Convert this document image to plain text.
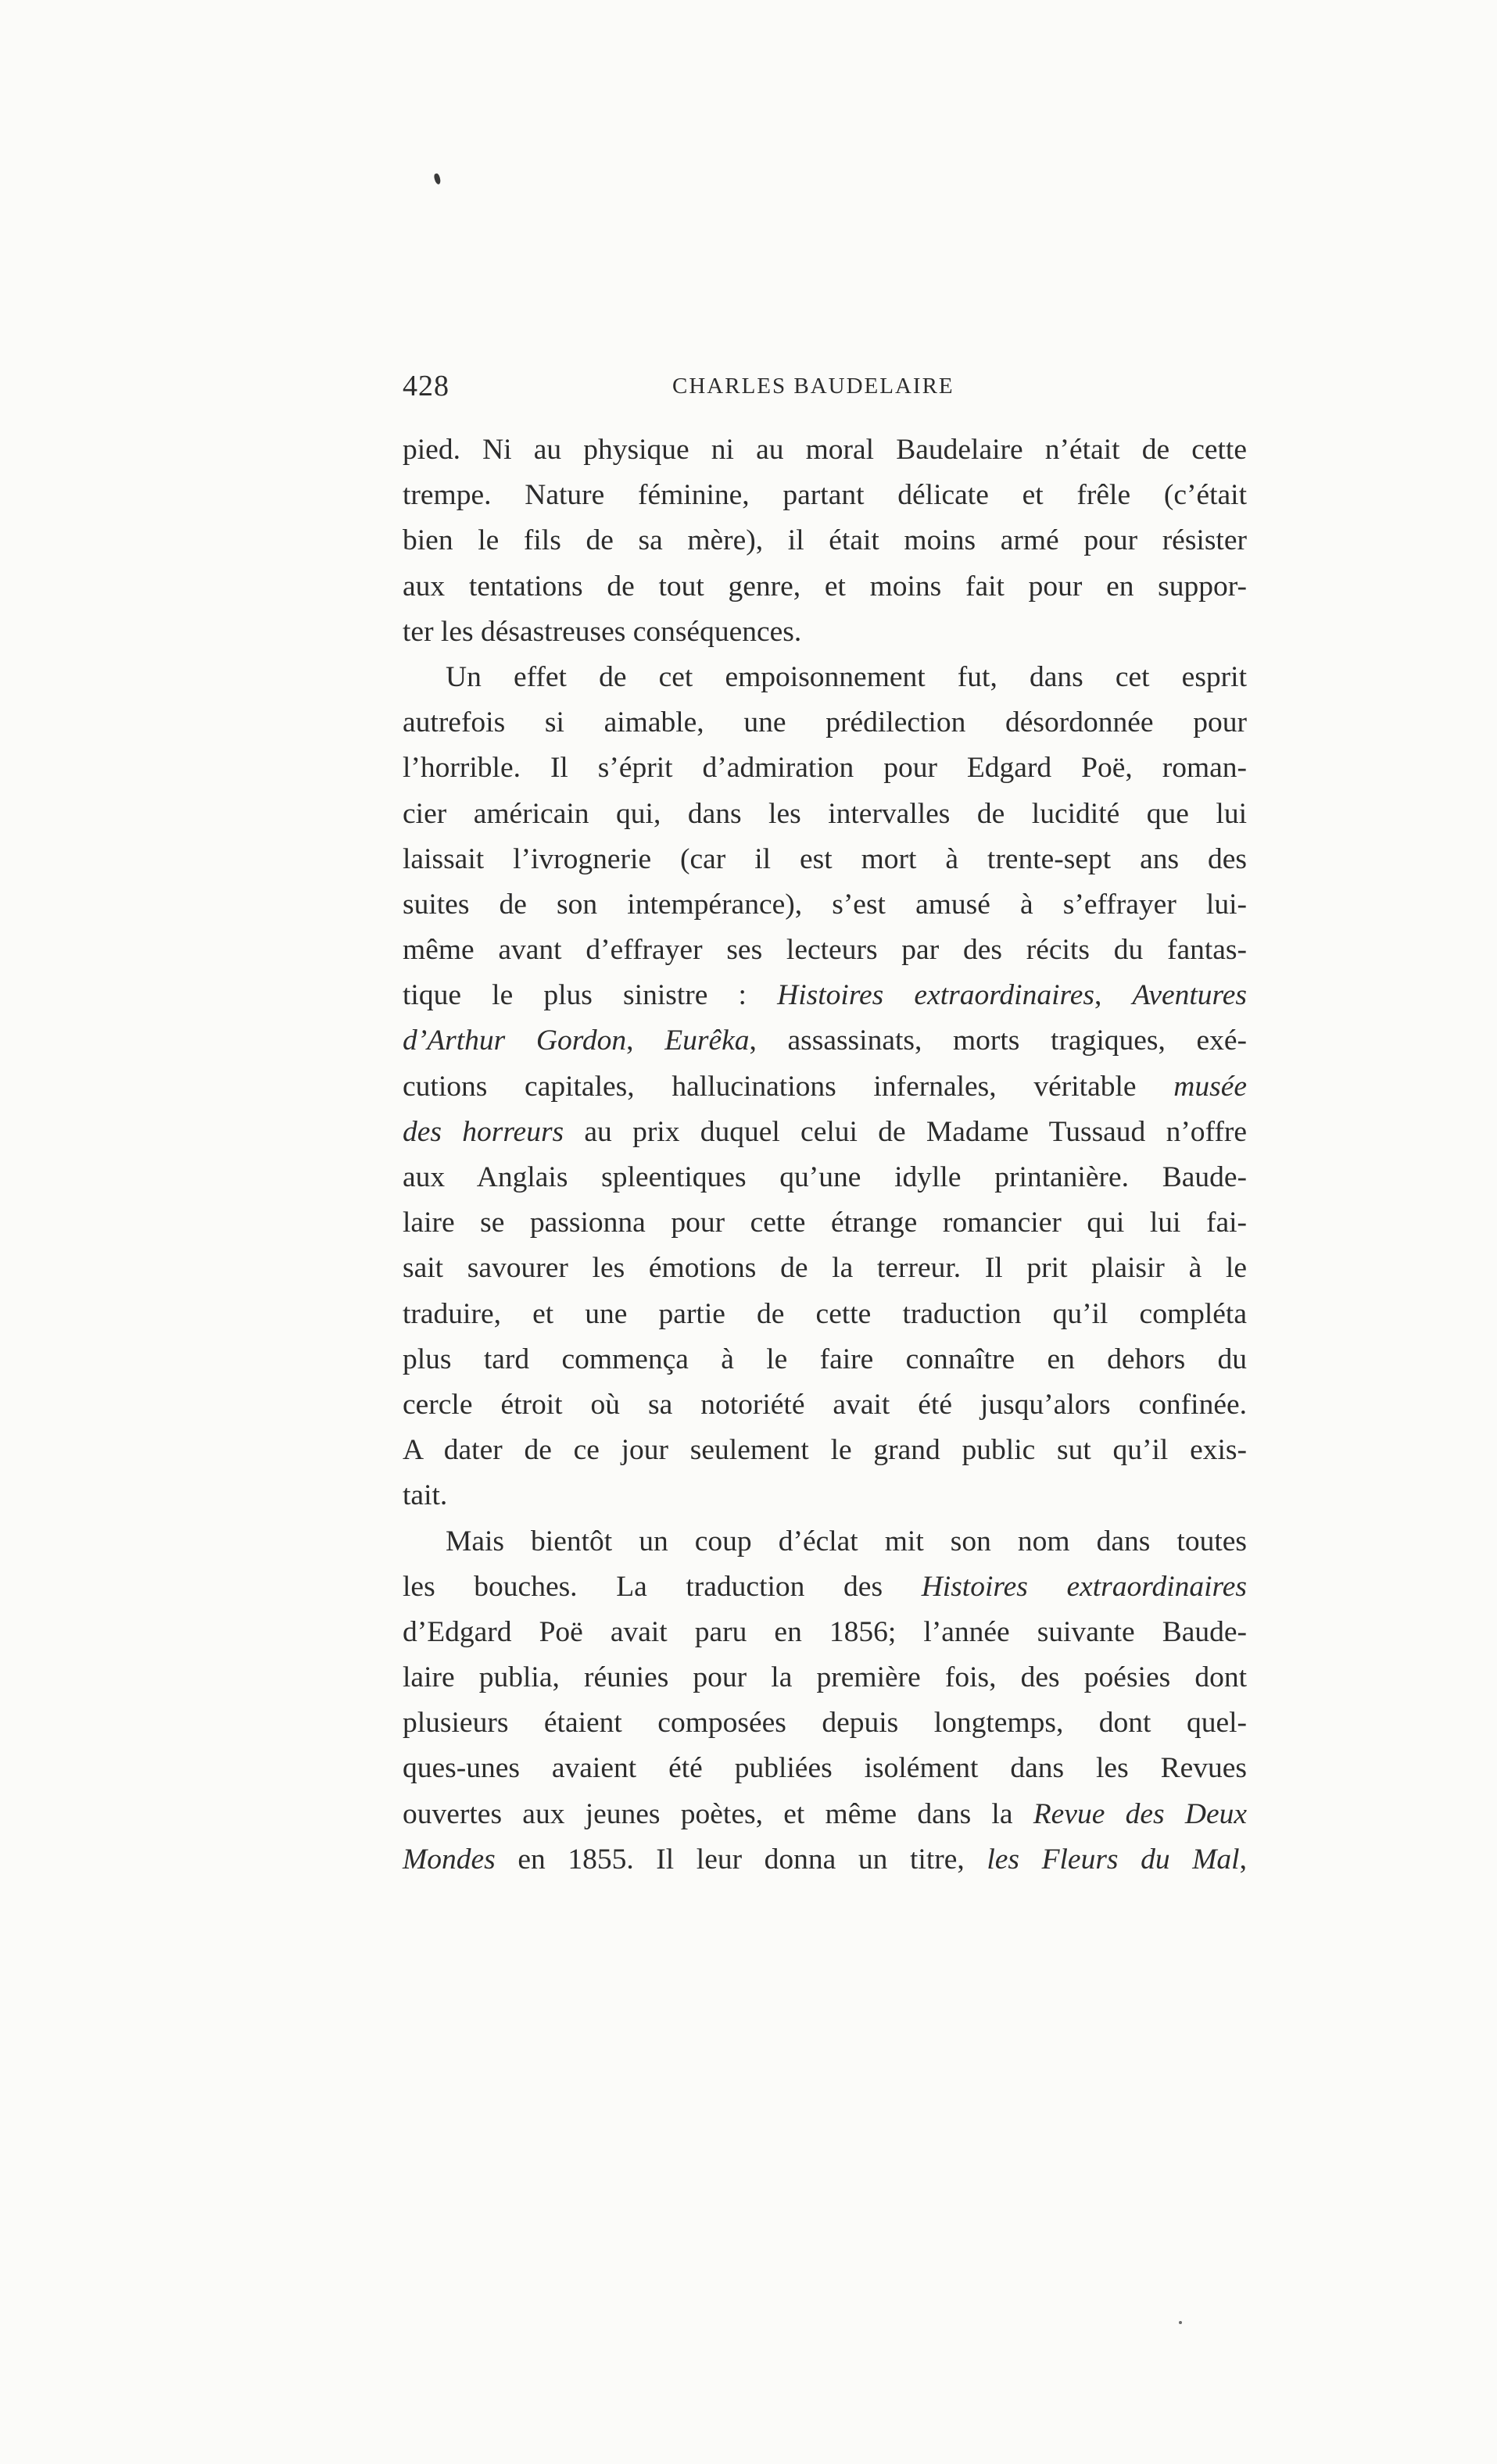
428	CHARLES BAUDELAIRE
pied. Ni au physique ni au moral Baudelaire n’était de cette
trempe. Nature féminine, partant délicate et frêle (c’était
bien le fils de sa mère), il était moins armé pour résister
aux tentations de tout genre, et moins fait pour en suppor-
ter les désastreuses conséquences.
Un effet de cet empoisonnement fut, dans cet esprit
autrefois si aimable, une prédilection désordonnée pour
l’horrible. Il s’éprit d’admiration pour Edgard Poë, roman-
cier américain qui, dans les intervalles de lucidité que lui
laissait l’ivrognerie (car il est mort à trente-sept ans des
suites de son intempérance), s’est amusé à s’effrayer lui-
même avant d’effrayer ses lecteurs par des récits du fantas-
tique le plus sinistre : Histoires extraordinaires, Aventures
d’Arthur Gordon, Eurêka, assassinats, morts tragiques, exé-
cutions capitales, hallucinations infernales, véritable musée
des horreurs au prix duquel celui de Madame Tussaud n’offre
aux Anglais spleentiques qu’une idylle printanière. Baude-
laire se passionna pour cette étrange romancier qui lui fai-
sait savourer les émotions de la terreur. Il prit plaisir à le
traduire, et une partie de cette traduction qu’il compléta
plus tard commença à le faire connaître en dehors du
cercle étroit où sa notoriété avait été jusqu’alors confinée.
A dater de ce jour seulement le grand public sut qu’il exis-
tait.
Mais bientôt un coup d’éclat mit son nom dans toutes
les bouches. La traduction des Histoires extraordinaires
d’Edgard Poë avait paru en 1856; l’année suivante Baude-
laire publia, réunies pour la première fois, des poésies dont
plusieurs étaient composées depuis longtemps, dont quel-
ques-unes avaient été publiées isolément dans les Revues
ouvertes aux jeunes poètes, et même dans la Revue des Deux
Mondes en 1855. Il leur donna un titre, les Fleurs du Mal,
